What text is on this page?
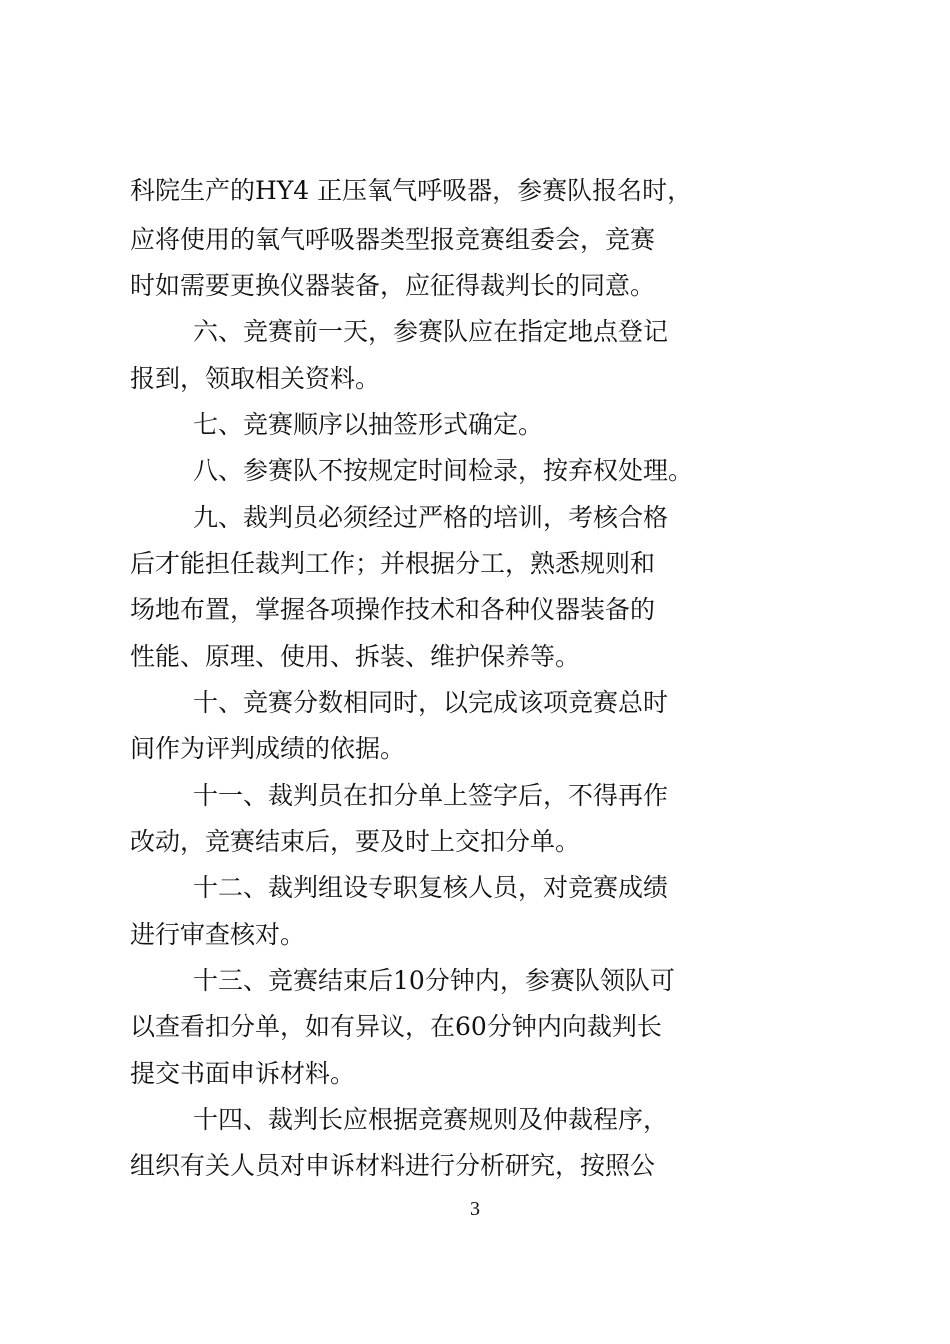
科院生产的HY4 正压氧气呼吸器，参赛队报名时，
应将使用的氧气呼吸器类型报竞赛组委会，竞赛
时如需要更换仪器装备，应征得裁判长的同意。
六、竞赛前一天，参赛队应在指定地点登记
报到，领取相关资料。
七、竞赛顺序以抽签形式确定。
八、参赛队不按规定时间检录，按弃权处理。
九、裁判员必须经过严格的培训，考核合格
后才能担任裁判工作；并根据分工，熟悉规则和
场地布置，掌握各项操作技术和各种仪器装备的
性能、原理、使用、拆装、维护保养等。
十、竞赛分数相同时，以完成该项竞赛总时
间作为评判成绩的依据。
十一、裁判员在扣分单上签字后，不得再作
改动，竞赛结束后，要及时上交扣分单。
十二、裁判组设专职复核人员，对竞赛成绩
进行审查核对。
十三、竞赛结束后10分钟内，参赛队领队可
以查看扣分单，如有异议，在60分钟内向裁判长
提交书面申诉材料。
十四、裁判长应根据竞赛规则及仲裁程序，
组织有关人员对申诉材料进行分析研究，按照公
3
